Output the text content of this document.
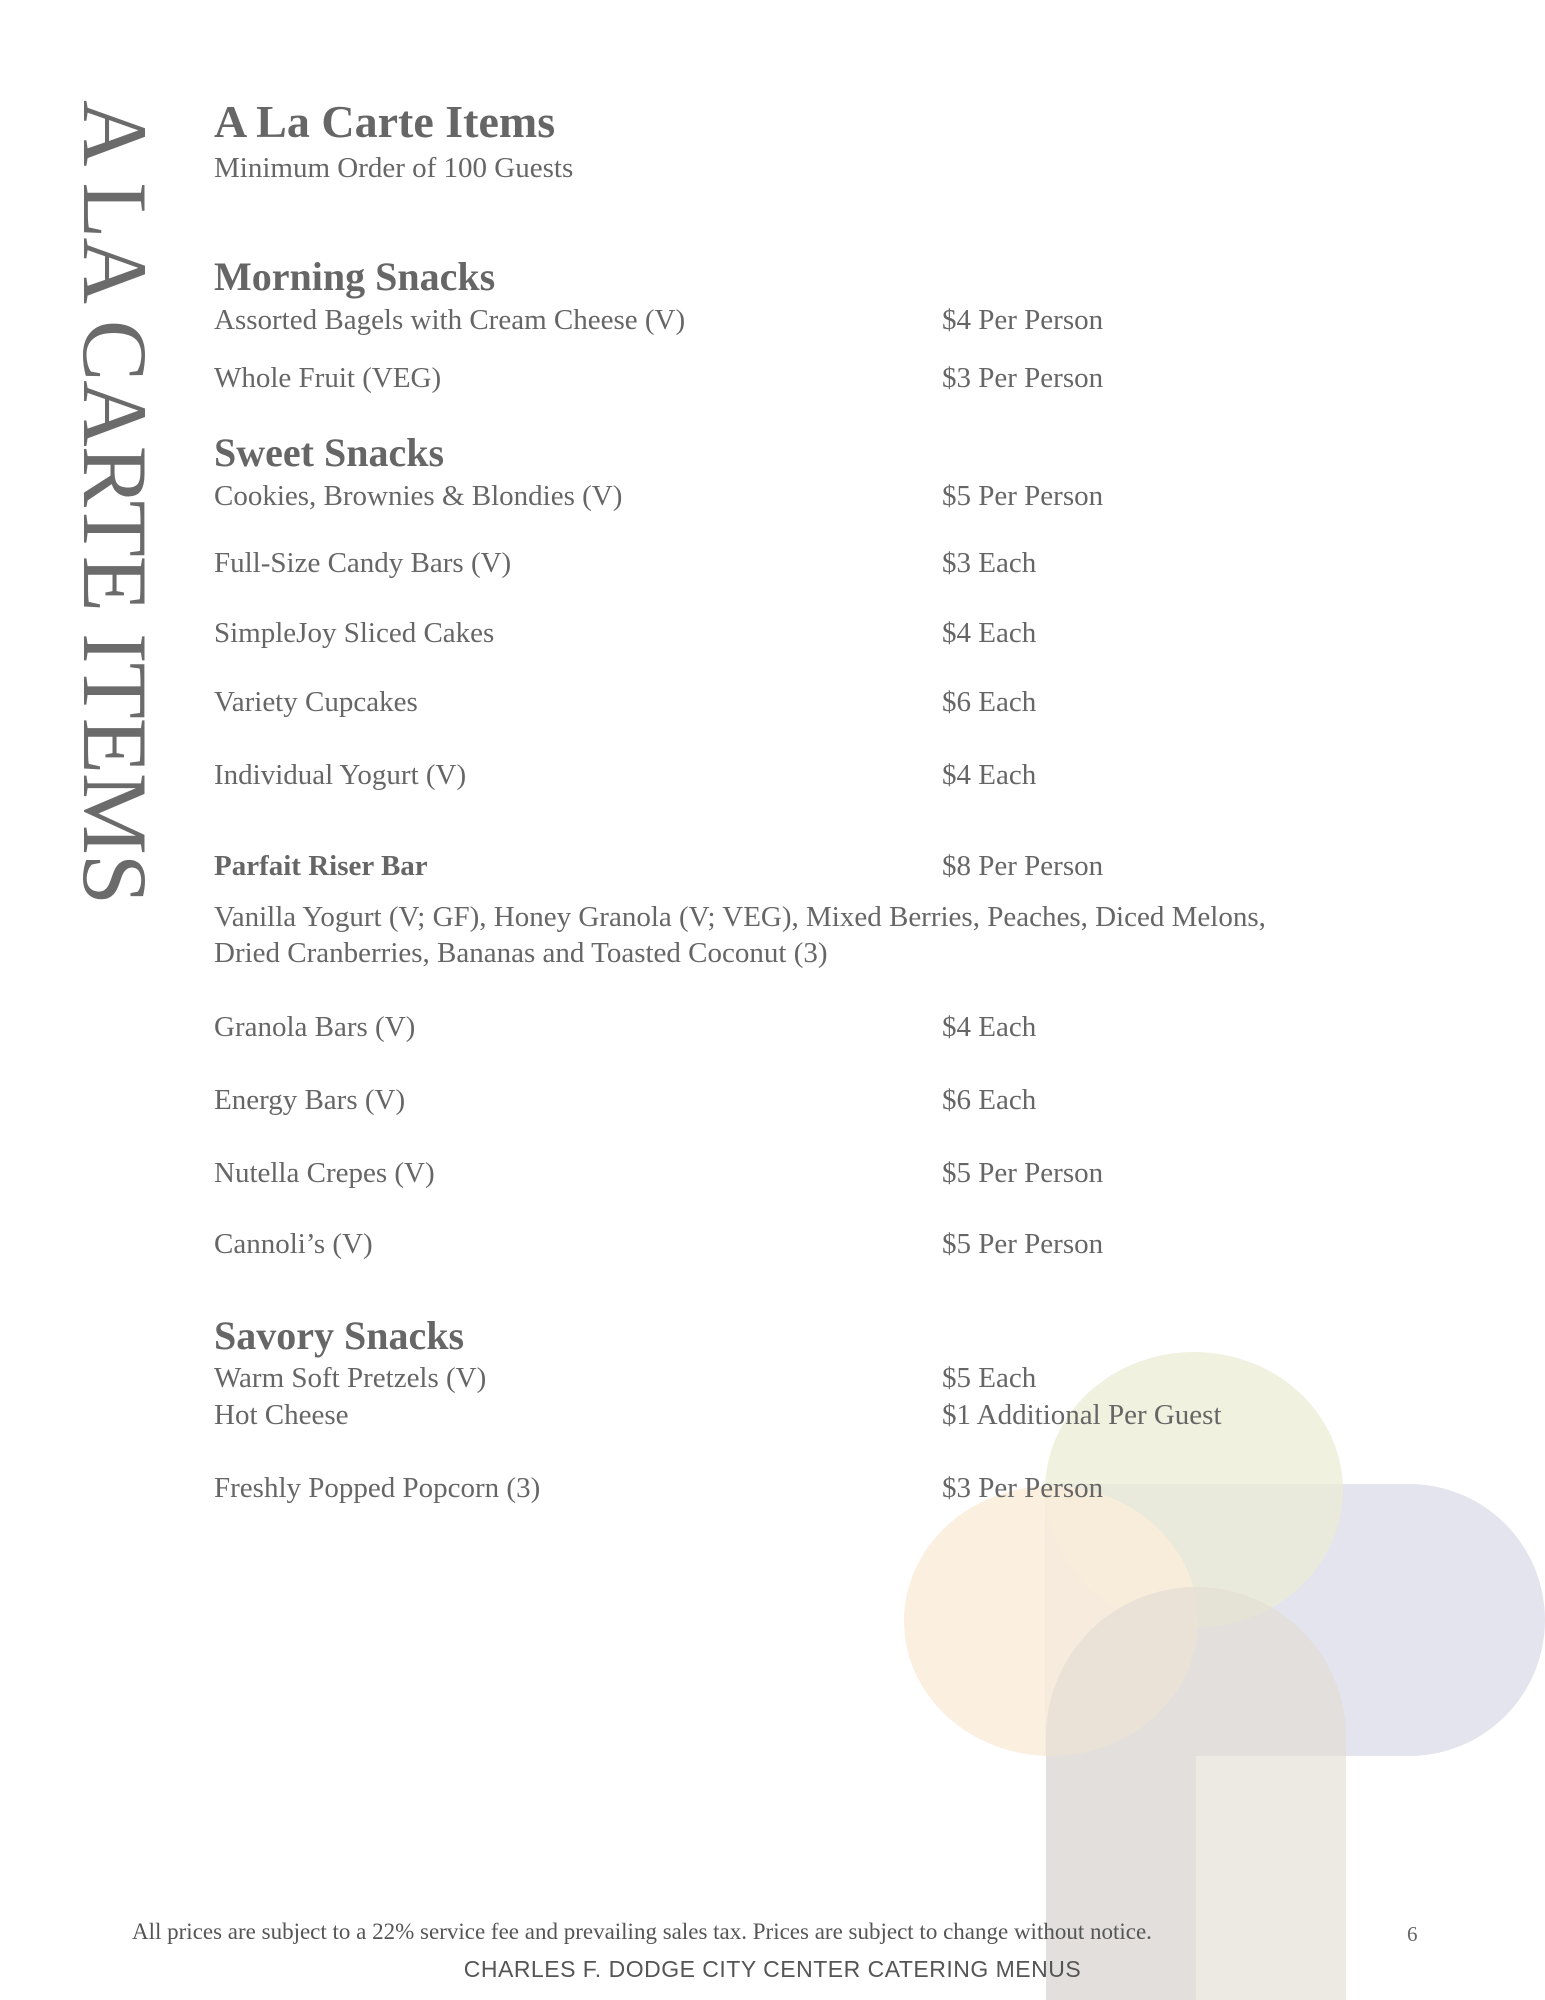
A LA CARTE ITEMS A La Carte Items
Minimum Order of 100 Guests
Morning Snacks
Assorted Bagels with Cream Cheese (V)	$4 Per Person
Whole Fruit (VEG)	$3 Per Person
Sweet Snacks
Cookies, Brownies & Blondies (V)	$5 Per Person
Full-Size Candy Bars (V)	$3 Each
SimpleJoy Sliced Cakes	$4 Each
Variety Cupcakes	$6 Each
Individual Yogurt (V)	$4 Each
Parfait Riser Bar	$8 Per Person
Vanilla Yogurt (V; GF), Honey Granola (V; VEG), Mixed Berries, Peaches, Diced Melons,
Dried Cranberries, Bananas and Toasted Coconut (3)
Granola Bars (V)	$4 Each
Energy Bars (V)	$6 Each
Nutella Crepes (V)	$5 Per Person
Cannoli’s (V)	$5 Per Person
Savory Snacks
Warm Soft Pretzels (V)	$5 Each
Hot Cheese	$1 Additional Per Guest
Freshly Popped Popcorn (3)	$3 Per Person
All prices are subject to a 22% service fee and prevailing sales tax. Prices are subject to change without notice.	6
CHARLES F. DODGE CITY CENTER CATERING MENUS
